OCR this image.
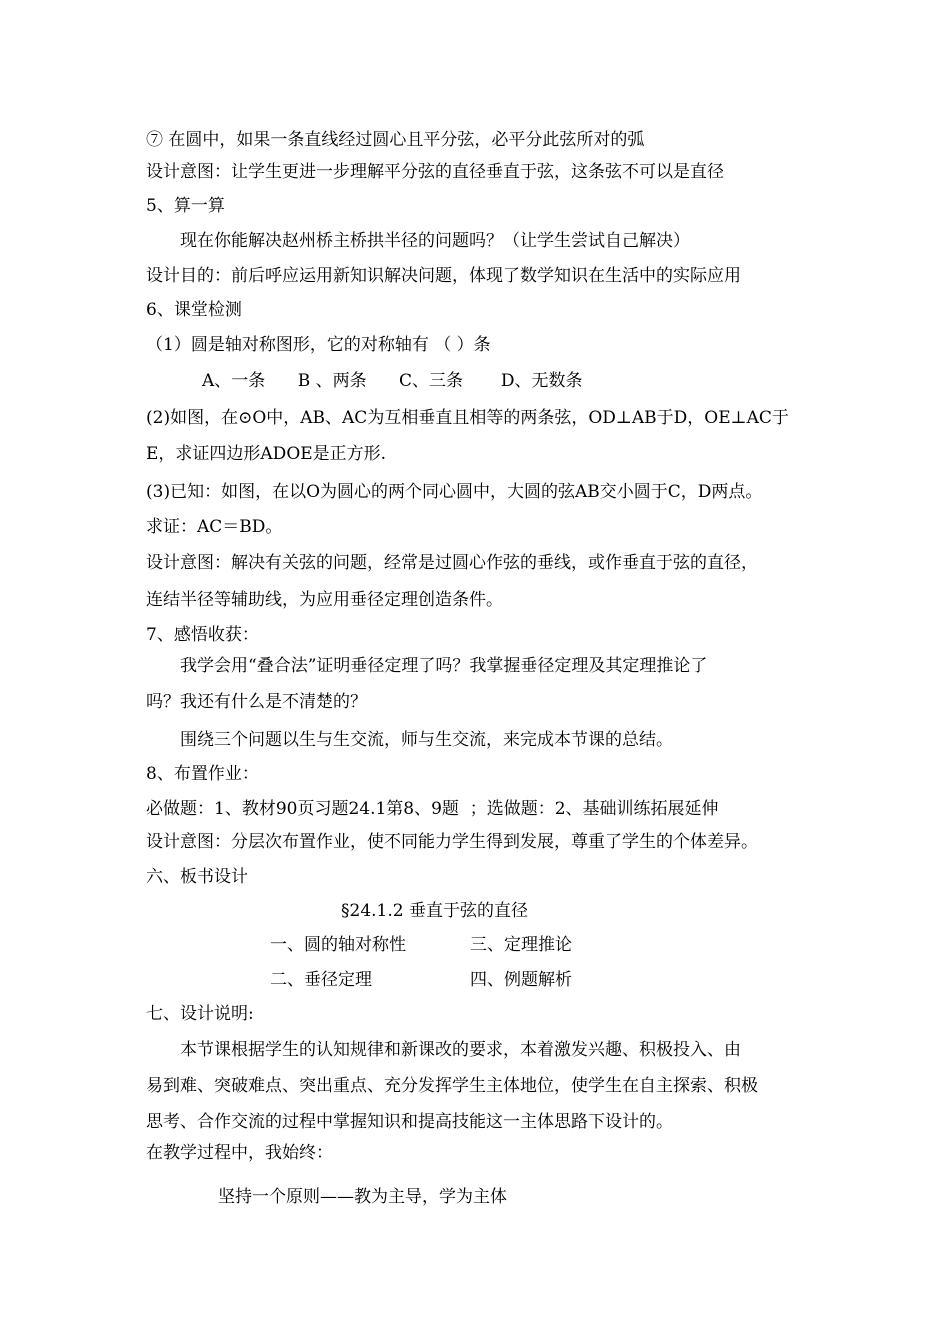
⑦ 在圆中，如果一条直线经过圆心且平分弦，必平分此弦所对的弧
设计意图：让学生更进一步理解平分弦的直径垂直于弦，这条弦不可以是直径
5、算一算
现在你能解决赵州桥主桥拱半径的问题吗？（让学生尝试自己解决）
设计目的：前后呼应运用新知识解决问题，体现了数学知识在生活中的实际应用
6、课堂检测
（1）圆是轴对称图形，它的对称轴有 （ ）条
A、一条      B 、两条      C、三条       D、无数条
(2)如图，在⊙O中，AB、AC为互相垂直且相等的两条弦，OD⊥AB于D，OE⊥AC于
E，求证四边形ADOE是正方形.
(3)已知：如图，在以O为圆心的两个同心圆中，大圆的弦AB交小圆于C，D两点。
求证：AC＝BD。
设计意图：解决有关弦的问题，经常是过圆心作弦的垂线，或作垂直于弦的直径，
连结半径等辅助线，为应用垂径定理创造条件。
7、感悟收获：
我学会用“叠合法”证明垂径定理了吗？我掌握垂径定理及其定理推论了
吗？我还有什么是不清楚的？
围绕三个问题以生与生交流，师与生交流，来完成本节课的总结。
8、布置作业：
必做题：1、教材90页习题24.1第8、9题  ；选做题：2、基础训练拓展延伸
设计意图：分层次布置作业，使不同能力学生得到发展，尊重了学生的个体差异。
六、板书设计
§24.1.2 垂直于弦的直径
一、圆的轴对称性	三、定理推论
二、垂径定理	四、例题解析
七、设计说明:
本节课根据学生的认知规律和新课改的要求，本着激发兴趣、积极投入、由
易到难、突破难点、突出重点、充分发挥学生主体地位，使学生在自主探索、积极
思考、合作交流的过程中掌握知识和提高技能这一主体思路下设计的。
在教学过程中，我始终：
坚持一个原则——教为主导，学为主体
